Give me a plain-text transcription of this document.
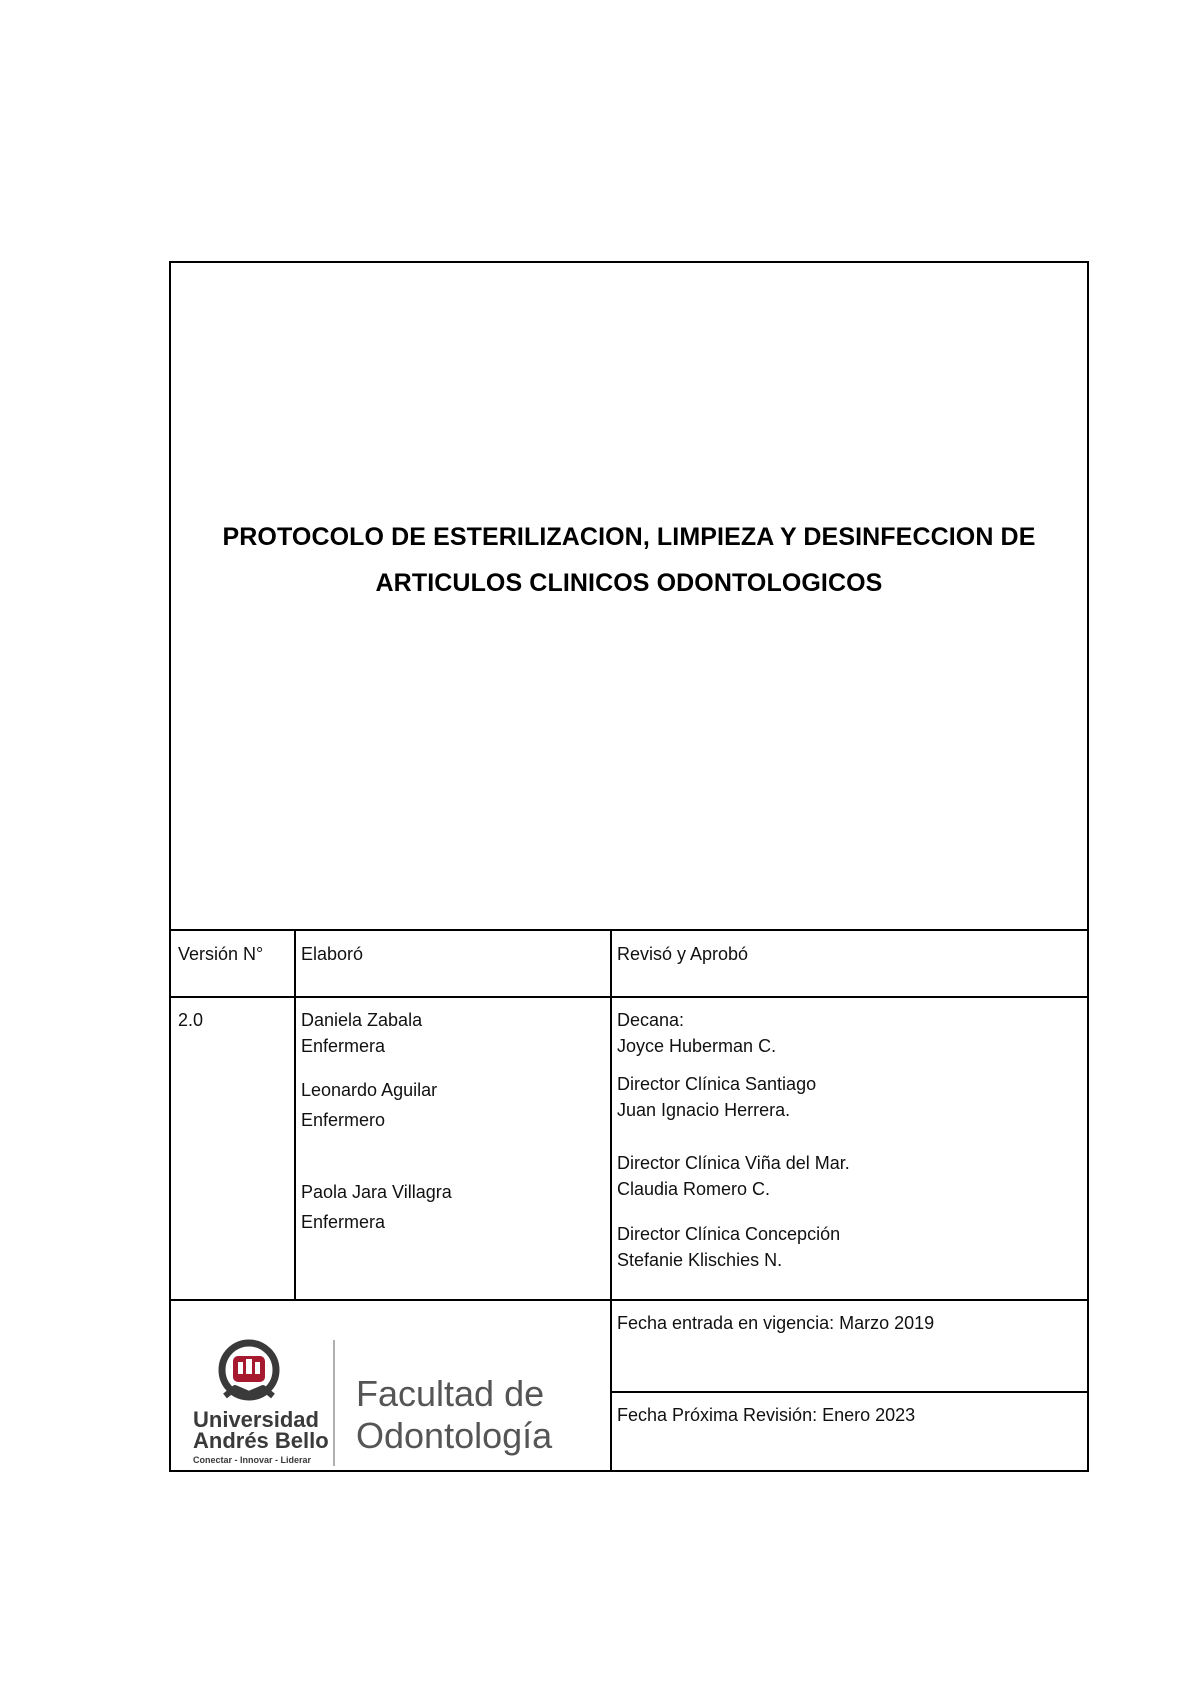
PROTOCOLO DE ESTERILIZACION, LIMPIEZA Y DESINFECCION DE
ARTICULOS CLINICOS ODONTOLOGICOS
Versión N° Elaboró	Revisó y Aprobó
2.0	Daniela Zabala
Enfermera
Leonardo Aguilar
Enfermero
Paola Jara Villagra
Enfermera
Decana:
Joyce Huberman C.
Director Clínica Santiago
Juan Ignacio Herrera.
Director Clínica Viña del Mar.
Claudia Romero C.
Director Clínica Concepción
Stefanie Klischies N.
Fecha entrada en vigencia: Marzo 2019
Fecha Próxima Revisión: Enero 2023
Universidad
Andrés Bello
Conectar - Innovar - Liderar
Facultad de
Odontología
